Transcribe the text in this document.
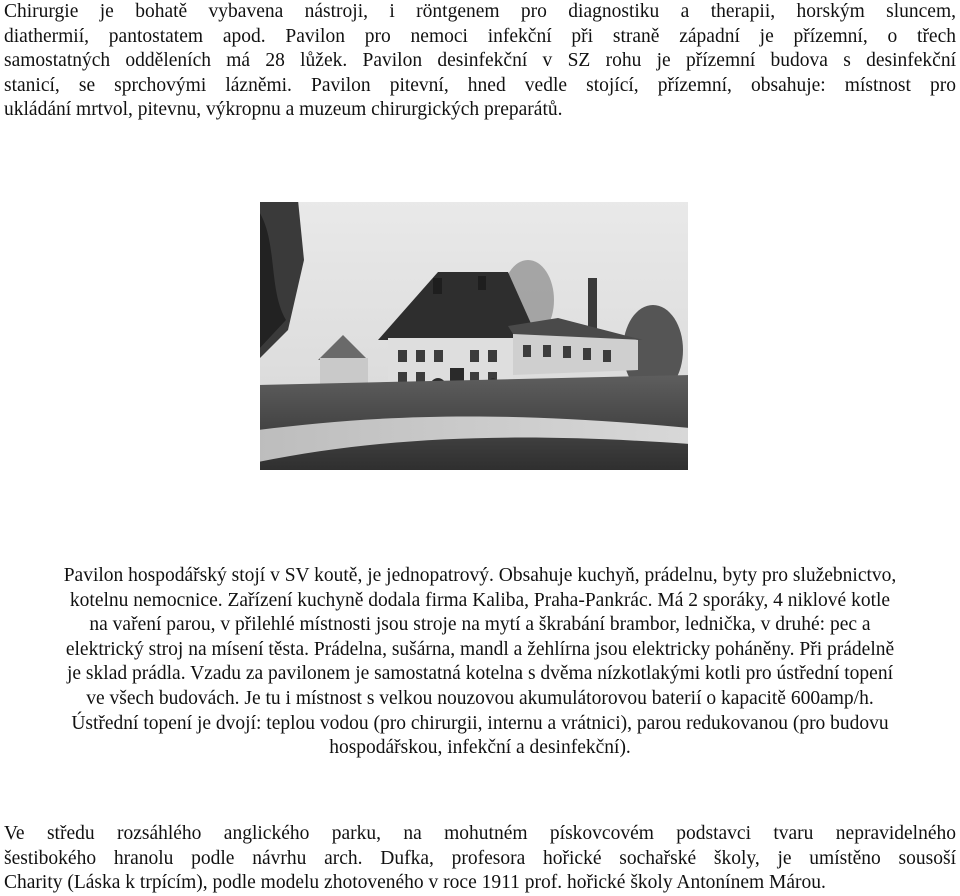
Chirurgie je bohatě vybavena nástroji, i röntgenem pro diagnostiku a therapii, horským sluncem,
diathermií, pantostatem apod. Pavilon pro nemoci infekční při straně západní je přízemní, o třech
samostatných odděleních má 28 lůžek. Pavilon desinfekční v SZ rohu je přízemní budova s desinfekční
stanicí, se sprchovými lázněmi. Pavilon pitevní, hned vedle stojící, přízemní, obsahuje: místnost pro
ukládání mrtvol, pitevnu, výkropnu a muzeum chirurgických preparátů.
Pavilon hospodářský stojí v SV koutě, je jednopatrový. Obsahuje kuchyň, prádelnu, byty pro služebnictvo,
kotelnu nemocnice. Zařízení kuchyně dodala firma Kaliba, Praha-Pankrác. Má 2 sporáky, 4 niklové kotle
na vaření parou, v přilehlé místnosti jsou stroje na mytí a škrabání brambor, lednička, v druhé: pec a
elektrický stroj na mísení těsta. Prádelna, sušárna, mandl a žehlírna jsou elektricky poháněny. Při prádelně
je sklad prádla. Vzadu za pavilonem je samostatná kotelna s dvěma nízkotlakými kotli pro ústřední topení
ve všech budovách. Je tu i místnost s velkou nouzovou akumulátorovou baterií o kapacitě 600amp/h.
Ústřední topení je dvojí: teplou vodou (pro chirurgii, internu a vrátnici), parou redukovanou (pro budovu
hospodářskou, infekční a desinfekční).
Ve středu rozsáhlého anglického parku, na mohutném pískovcovém podstavci tvaru nepravidelného
šestibokého hranolu podle návrhu arch. Dufka, profesora hořické sochařské školy, je umístěno sousoší
Charity (Láska k trpícím), podle modelu zhotoveného v roce 1911 prof. hořické školy Antonínem Márou.
